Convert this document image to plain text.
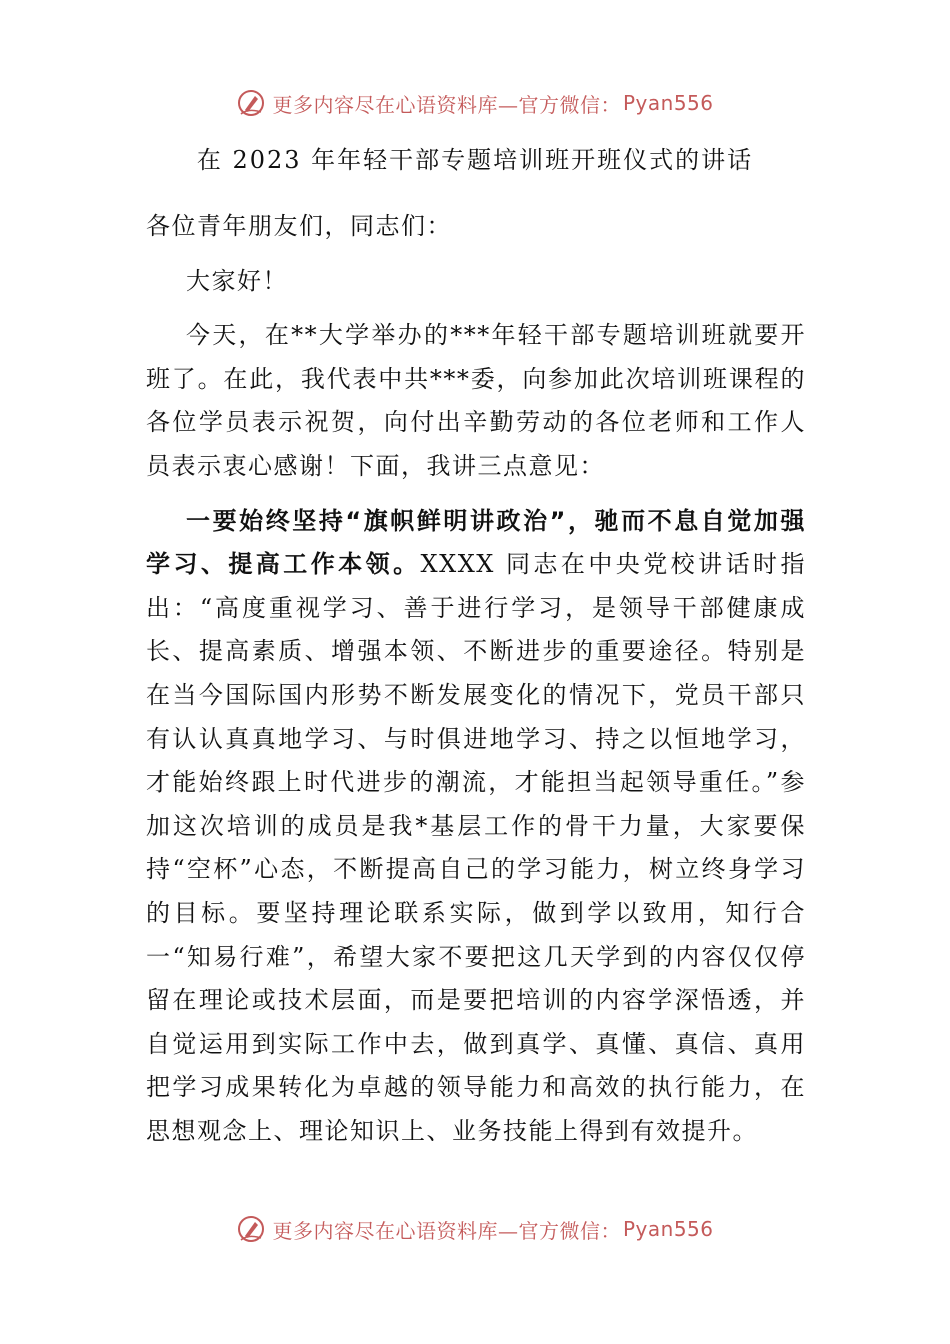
更多内容尽在心语资料库—官方微信： Pyan556
在 2023 年年轻干部专题培训班开班仪式的讲话

各位青年朋友们，同志们：

大家好！

今天，在**大学举办的***年轻干部专题培训班就要开班了。在此，我代表中共***委，向参加此次培训班课程的各位学员表示祝贺，向付出辛勤劳动的各位老师和工作人员表示衷心感谢！下面，我讲三点意见：

一要始终坚持“旗帜鲜明讲政治”，驰而不息自觉加强学习、提高工作本领。XXXX 同志在中央党校讲话时指出：“高度重视学习、善于进行学习，是领导干部健康成长、提高素质、增强本领、不断进步的重要途径。特别是在当今国际国内形势不断发展变化的情况下，党员干部只有认认真真地学习、与时俱进地学习、持之以恒地学习，才能始终跟上时代进步的潮流，才能担当起领导重任。”参加这次培训的成员是我*基层工作的骨干力量，大家要保持“空杯”心态，不断提高自己的学习能力，树立终身学习的目标。要坚持理论联系实际，做到学以致用，知行合一“知易行难”，希望大家不要把这几天学到的内容仅仅停留在理论或技术层面，而是要把培训的内容学深悟透，并自觉运用到实际工作中去，做到真学、真懂、真信、真用把学习成果转化为卓越的领导能力和高效的执行能力，在思想观念上、理论知识上、业务技能上得到有效提升。

更多内容尽在心语资料库—官方微信： Pyan556
